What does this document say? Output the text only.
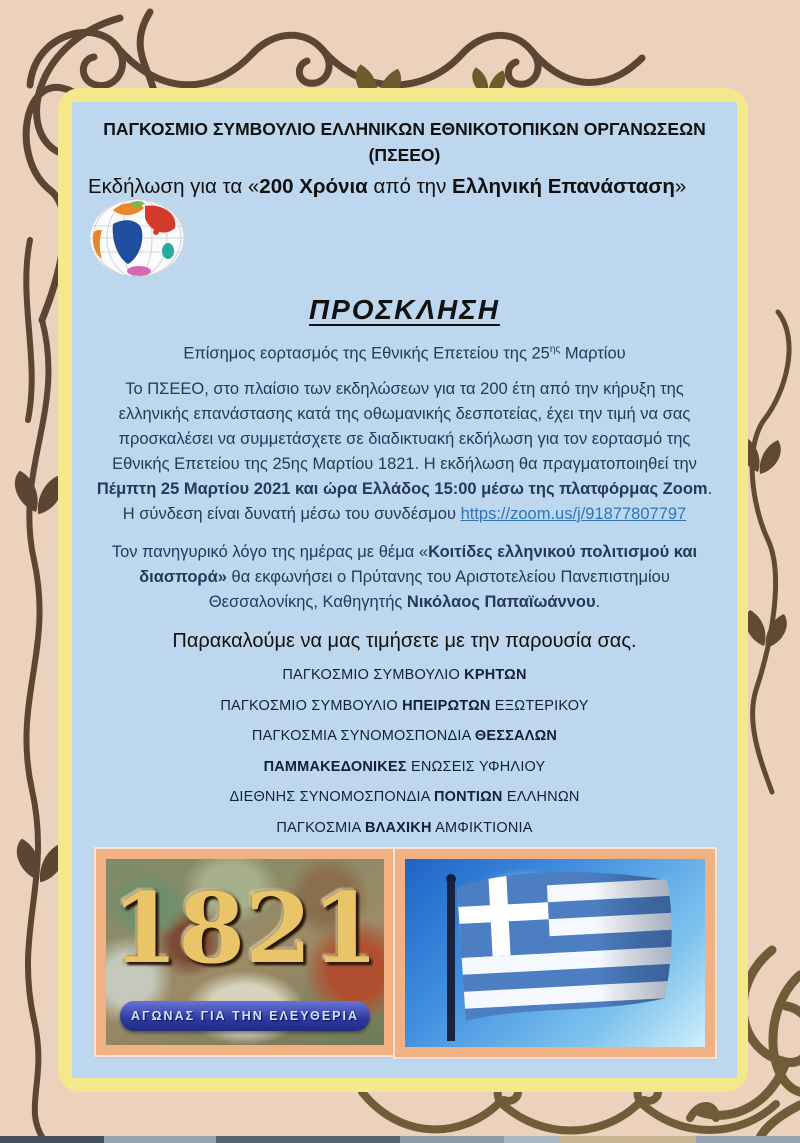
ΠΑΓΚΟΣΜΙΟ ΣΥΜΒΟΥΛΙΟ ΕΛΛΗΝΙΚΩΝ ΕΘΝΙΚΟΤΟΠΙΚΩΝ ΟΡΓΑΝΩΣΕΩΝ
(ΠΣΕΕΟ)
Εκδήλωση για τα «200 Χρόνια από την Ελληνική Επανάσταση»
ΠΡΟΣΚΛΗΣΗ
Επίσημος εορτασμός της Εθνικής Επετείου της $25^{\eta\varsigma}$ Μαρτίου
Το ΠΣΕΕΟ, στο πλαίσιο των εκδηλώσεων για τα 200 έτη από την κήρυξη της ελληνικής επανάστασης κατά της οθωμανικής δεσποτείας, έχει την τιμή να σας προσκαλέσει να συμμετάσχετε σε διαδικτυακή εκδήλωση για τον εορτασμό της Εθνικής Επετείου της 25ης Μαρτίου 1821. Η εκδήλωση θα πραγματοποιηθεί την Πέμπτη 25 Μαρτίου 2021 και ώρα Ελλάδος 15:00 μέσω της πλατφόρμας Zoom. Η σύνδεση είναι δυνατή μέσω του συνδέσμου https://zoom.us/j/91877807797
Τον πανηγυρικό λόγο της ημέρας με θέμα «Κοιτίδες ελληνικού πολιτισμού και διασπορά» θα εκφωνήσει ο Πρύτανης του Αριστοτελείου Πανεπιστημίου Θεσσαλονίκης, Καθηγητής Νικόλαος Παπαϊωάννου.
Παρακαλούμε να μας τιμήσετε με την παρουσία σας.
ΠΑΓΚΟΣΜΙΟ ΣΥΜΒΟΥΛΙΟ ΚΡΗΤΩΝ
ΠΑΓΚΟΣΜΙΟ ΣΥΜΒΟΥΛΙΟ ΗΠΕΙΡΩΤΩΝ ΕΞΩΤΕΡΙΚΟΥ
ΠΑΓΚΟΣΜΙΑ ΣΥΝΟΜΟΣΠΟΝΔΙΑ ΘΕΣΣΑΛΩΝ
ΠΑΜΜΑΚΕΔΟΝΙΚΕΣ ΕΝΩΣΕΙΣ ΥΦΗΛΙΟΥ
ΔΙΕΘΝΗΣ ΣΥΝΟΜΟΣΠΟΝΔΙΑ ΠΟΝΤΙΩΝ ΕΛΛΗΝΩΝ
ΠΑΓΚΟΣΜΙΑ ΒΛΑΧΙΚΗ ΑΜΦΙΚΤΙΟΝΙΑ
1821
ΑΓΩΝΑΣ ΓΙΑ ΤΗΝ ΕΛΕΥΘΕΡΙΑ
